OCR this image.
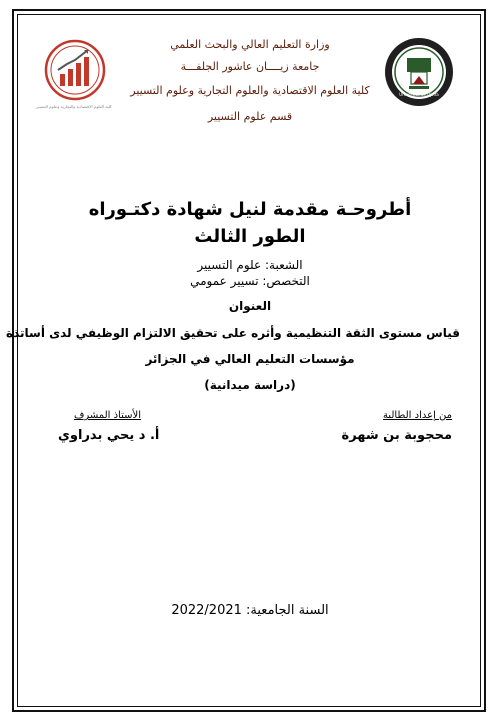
كلية العلوم الاقتصادية والتجارية وعلوم التسيير
Université de Djelfa
وزارة التعليم العالي والبحث العلمي
جامعة زيــــان عاشور الجلفـــة
كلية العلوم الاقتصادية والعلوم التجارية وعلوم التسيير
قسم علوم التسيير
أطروحـة مقدمة لنيل شهادة دكتـوراه
الطور الثالث
الشعبة: علوم التسيير
التخصص: تسيير عمومي
العنوان
قياس مستوى الثقة التنظيمية وأثره على تحقيق الالتزام الوظيفي لدى أساتذة
مؤسسات التعليم العالي في الجزائر
(دراسة ميدانية)
من إعداد الطالبة
محجوبة بن شهرة
الأستاذ المشرف
أ. د يحي بدراوي
السنة الجامعية: 2022/2021
